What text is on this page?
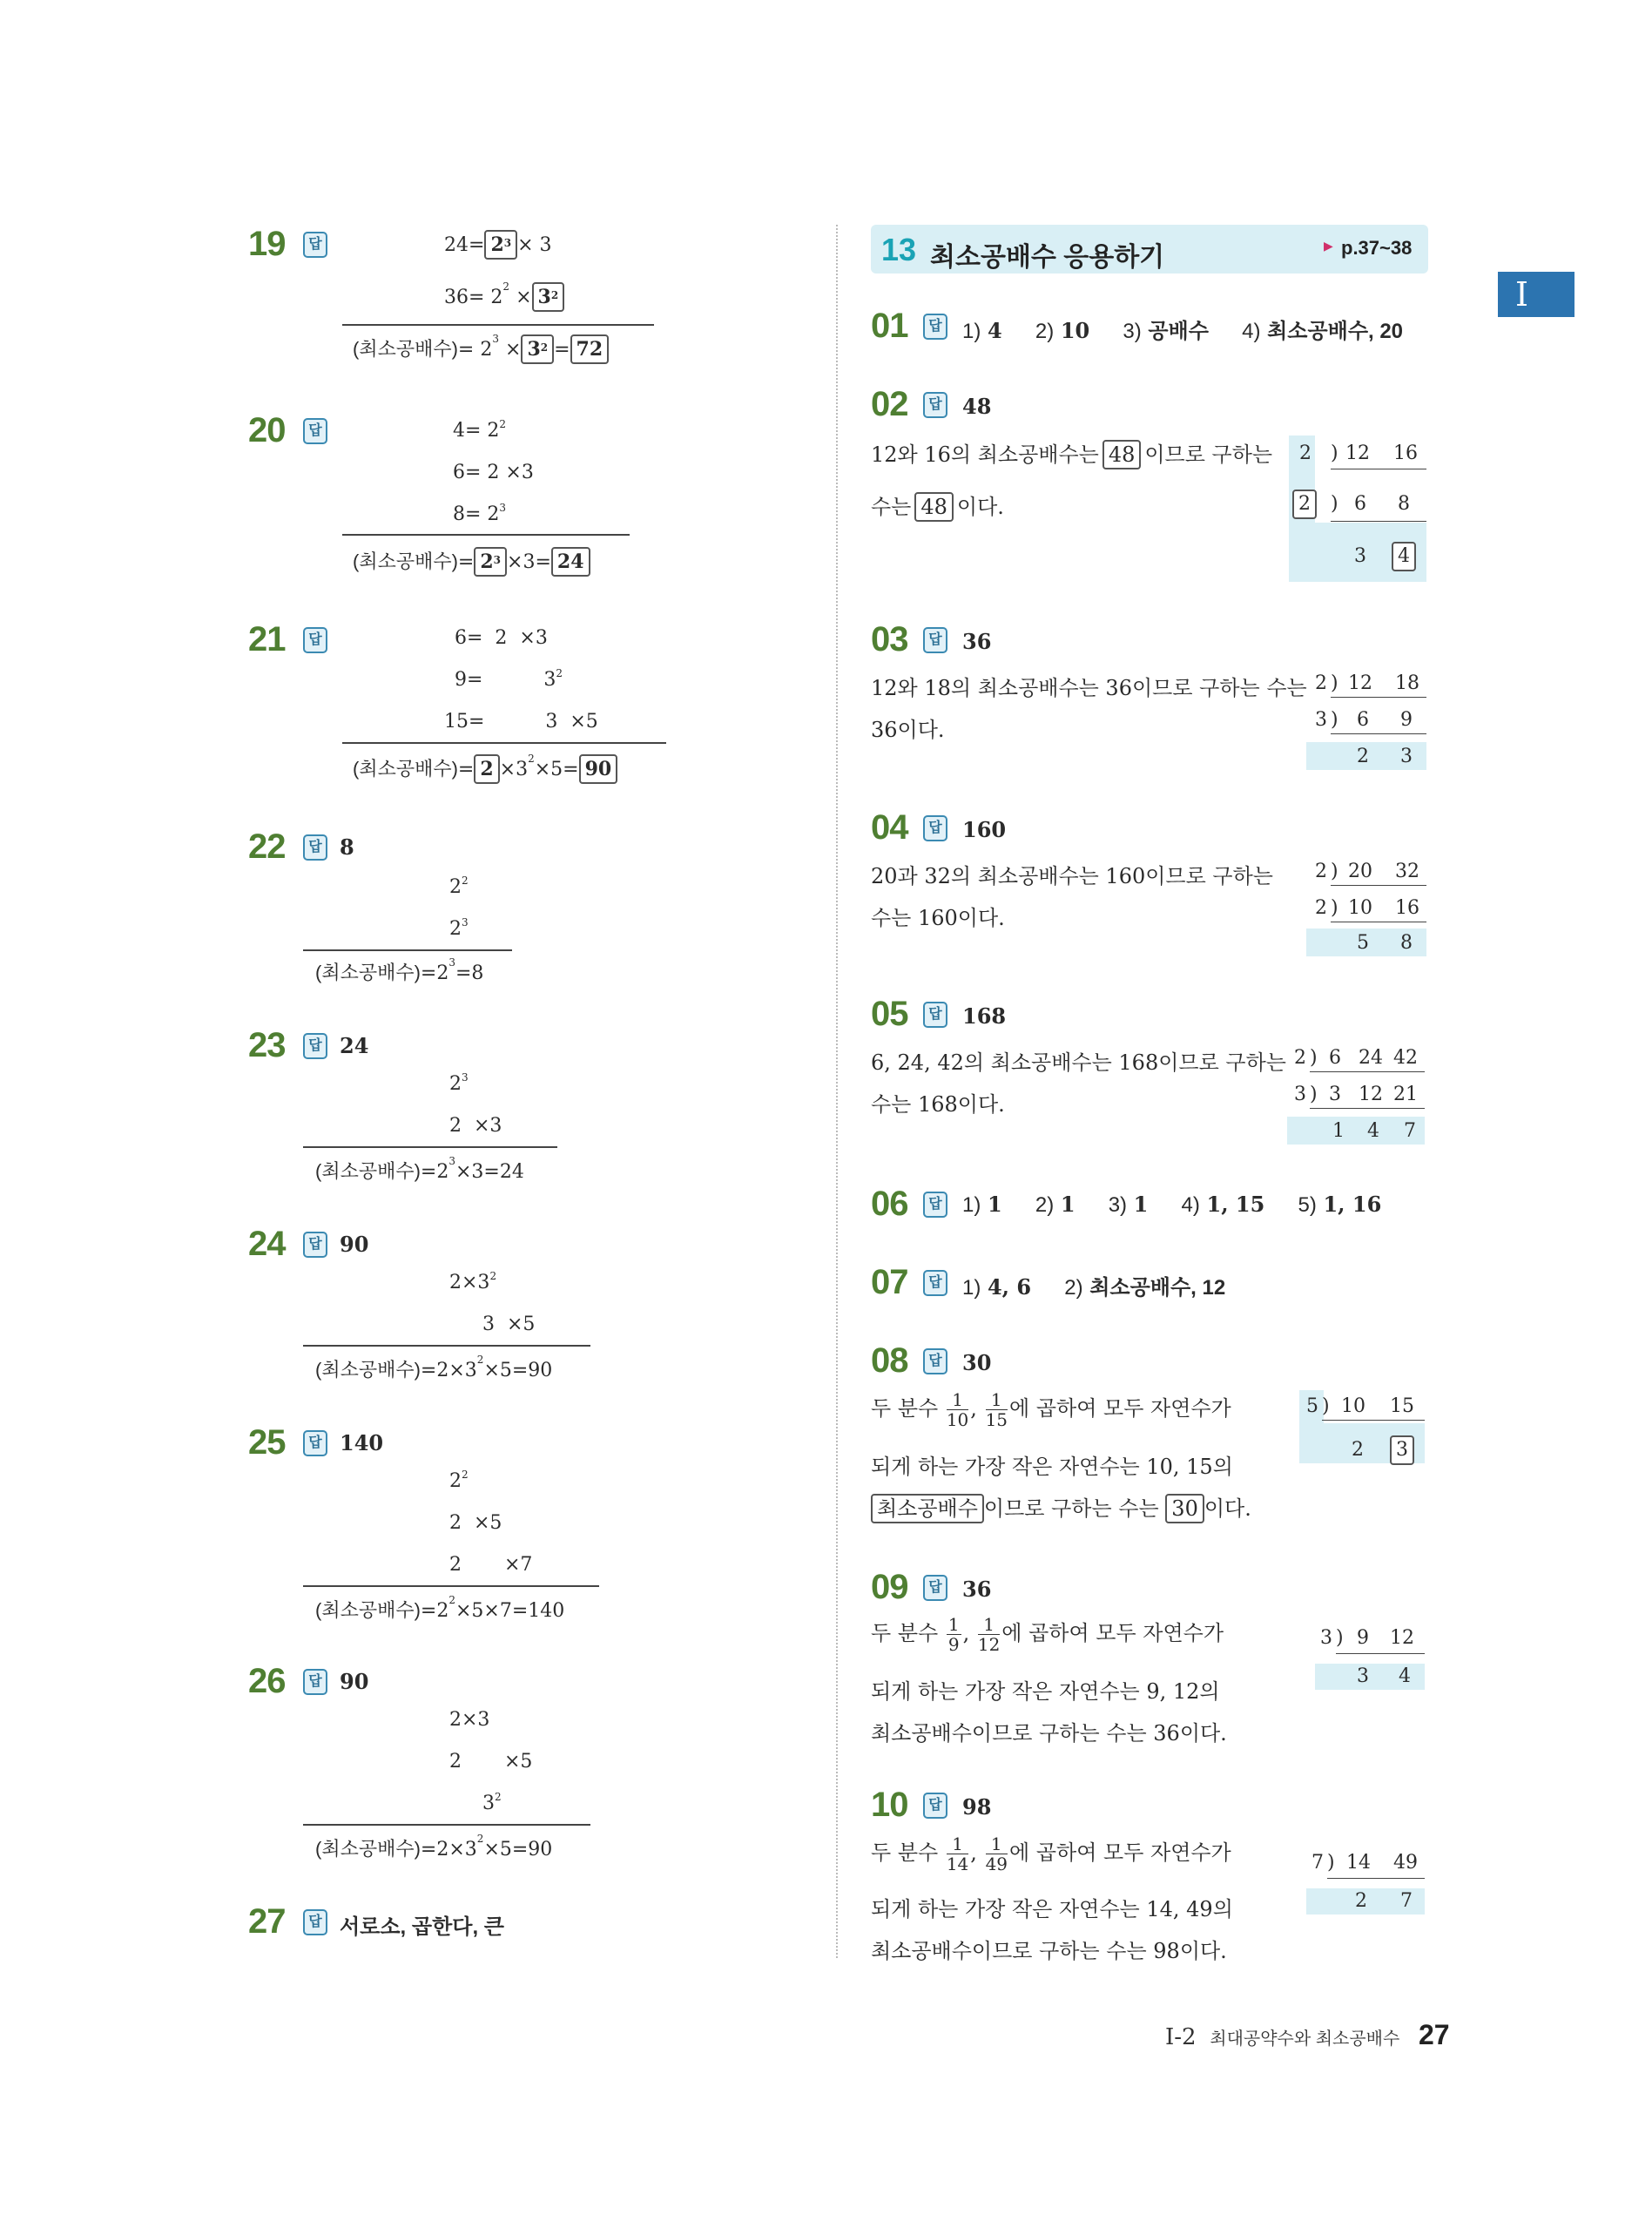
Ⅰ
19	답	$24= 2^3 \times 3$
$36= 2^2 \times 3^2$
(최소공배수)= $2^3 \times 3^2 = 72$
20	답	$4= 2^2$
6= 2 ×3
$8= 2^3$
(최소공배수)= $2^3 \times 3= 24$
21	답	6=  2  ×3
9=          $3^2$
15=          3  ×5
(최소공배수)= $2 \times 3^2\times 5= 90$
22	답 8
$2^2$
$2^3$
(최소공배수)$=2^3=8$
23	답 24
$2^3$
2  ×3
(최소공배수)$=2^3\times 3=24$
24	답 90
$2\times 3^2$
3  ×5
(최소공배수)$=2\times 3^2\times 5=90$
25	답 140
$2^2$
2  ×5
2       ×7
(최소공배수)$=2^2\times 5\times 7=140$
26	답 90
2×3
2       ×5
$3^2$
(최소공배수)$=2\times 3^2\times 5=90$
27	답 서로소, 곱한다, 큰
13 최소공배수 응용하기	▶ p.37~38
01	답 1) 4 2) 10 3) 공배수 4) 최소공배수, 20
02	답 48
12와 16의 최소공배수는 48 이므로 구하는
수는 48 이다.
2 ) 12 16
2	) 6 8
3	4
03	답 36
12와 18의 최소공배수는 36이므로 구하는 수는
36이다.
2 ) 12 18
3 ) 6 9
2 3
04	답 160
20과 32의 최소공배수는 160이므로 구하는
수는 160이다.
2 ) 20 32
2 ) 10 16
5 8
05	답 168
6, 24, 42의 최소공배수는 168이므로 구하는
수는 168이다.
2 ) 6 24 42
3 ) 3 12 21
1 4 7
06	답 1) 1 2) 1 3) 1 4) 1, 15 5) 1, 16
07	답 1) 4, 6 2) 최소공배수, 12
08	답 30
두 분수 $\frac{1}{10}$ , $\frac{1}{15}$ 에 곱하여 모두 자연수가
되게 하는 가장 작은 자연수는 10, 15의
최소공배수 이므로 구하는 수는 30 이다.
5 ) 10 15
2	3
09	답 36
두 분수 $\frac{1}{9}$ , $\frac{1}{12}$ 에 곱하여 모두 자연수가
되게 하는 가장 작은 자연수는 9, 12의
최소공배수이므로 구하는 수는 36이다.
3 ) 9 12
3 4
10	답 98
두 분수 $\frac{1}{14}$ , $\frac{1}{49}$ 에 곱하여 모두 자연수가
되게 하는 가장 작은 자연수는 14, 49의
최소공배수이므로 구하는 수는 98이다.
7 ) 14 49
2 7
Ⅰ-2 최대공약수와 최소공배수 27
